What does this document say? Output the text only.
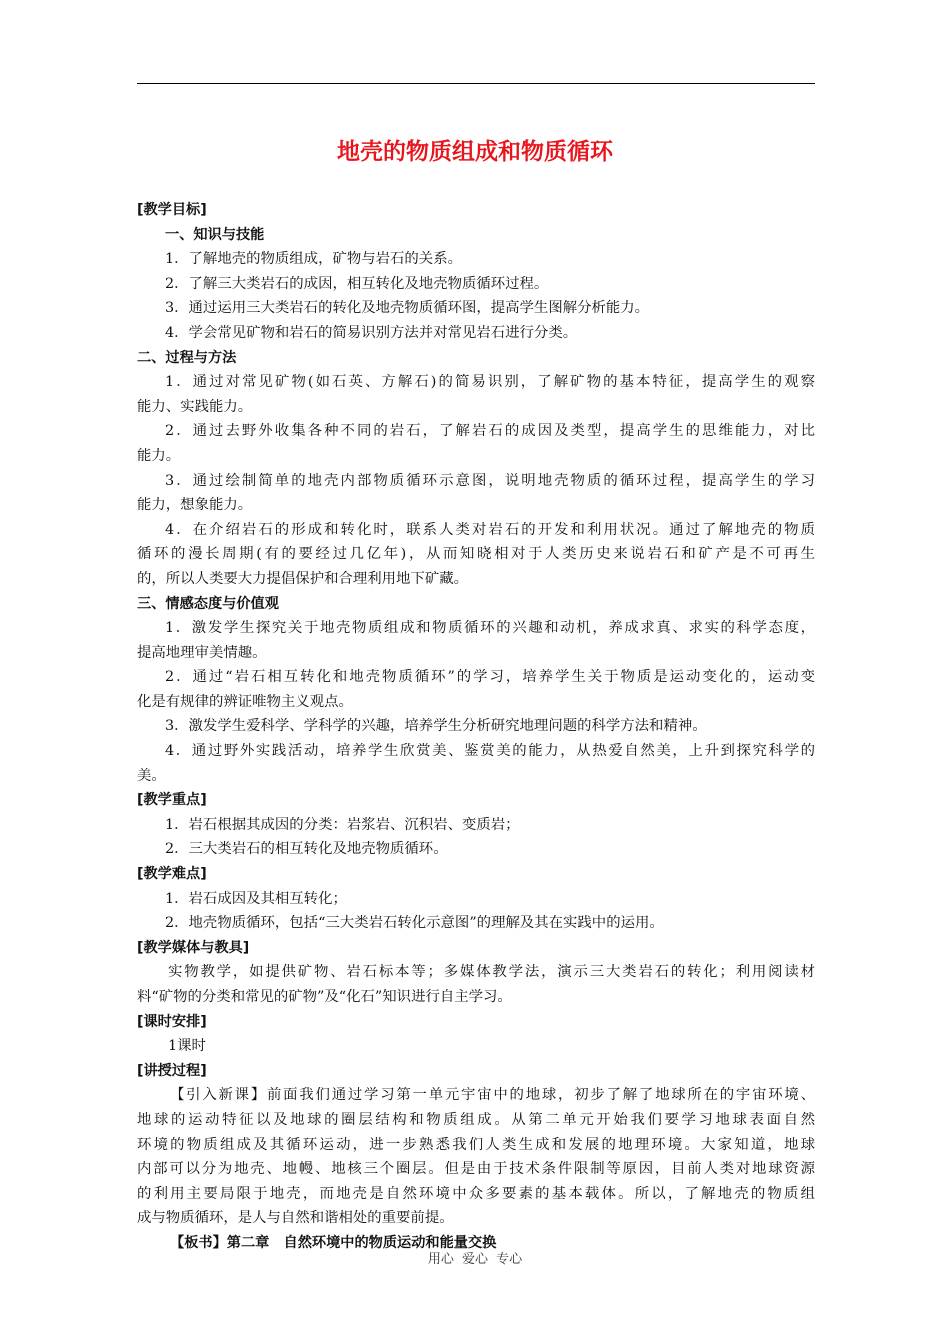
地壳的物质组成和物质循环
[教学目标]
一、知识与技能
1．了解地壳的物质组成，矿物与岩石的关系。
2．了解三大类岩石的成因，相互转化及地壳物质循环过程。
3．通过运用三大类岩石的转化及地壳物质循环图，提高学生图解分析能力。
4．学会常见矿物和岩石的简易识别方法并对常见岩石进行分类。
二、过程与方法
1．通过对常见矿物(如石英、方解石)的简易识别，了解矿物的基本特征，提高学生的观察
能力、实践能力。
2．通过去野外收集各种不同的岩石，了解岩石的成因及类型，提高学生的思维能力，对比
能力。
3．通过绘制简单的地壳内部物质循环示意图，说明地壳物质的循环过程，提高学生的学习
能力，想象能力。
4．在介绍岩石的形成和转化时，联系人类对岩石的开发和利用状况。通过了解地壳的物质
循环的漫长周期(有的要经过几亿年)，从而知晓相对于人类历史来说岩石和矿产是不可再生
的，所以人类要大力提倡保护和合理利用地下矿藏。
三、情感态度与价值观
1．激发学生探究关于地壳物质组成和物质循环的兴趣和动机，养成求真、求实的科学态度，
提高地理审美情趣。
2．通过“岩石相互转化和地壳物质循环”的学习，培养学生关于物质是运动变化的，运动变
化是有规律的辨证唯物主义观点。
3．激发学生爱科学、学科学的兴趣，培养学生分析研究地理问题的科学方法和精神。
4．通过野外实践活动，培养学生欣赏美、鉴赏美的能力，从热爱自然美，上升到探究科学的
美。
[教学重点]
1．岩石根据其成因的分类：岩浆岩、沉积岩、变质岩；
2．三大类岩石的相互转化及地壳物质循环。
[教学难点]
1．岩石成因及其相互转化；
2．地壳物质循环，包括“三大类岩石转化示意图”的理解及其在实践中的运用。
[教学媒体与教具]
实物教学，如提供矿物、岩石标本等；多媒体教学法，演示三大类岩石的转化；利用阅读材
料“矿物的分类和常见的矿物”及“化石”知识进行自主学习。
[课时安排]
1课时
[讲授过程]
【引入新课】前面我们通过学习第一单元宇宙中的地球，初步了解了地球所在的宇宙环境、
地球的运动特征以及地球的圈层结构和物质组成。从第二单元开始我们要学习地球表面自然
环境的物质组成及其循环运动，进一步熟悉我们人类生成和发展的地理环境。大家知道，地球
内部可以分为地壳、地幔、地核三个圈层。但是由于技术条件限制等原因，目前人类对地球资源
的利用主要局限于地壳，而地壳是自然环境中众多要素的基本载体。所以，了解地壳的物质组
成与物质循环，是人与自然和谐相处的重要前提。
【板书】第二章　自然环境中的物质运动和能量交换
用心 爱心 专心
